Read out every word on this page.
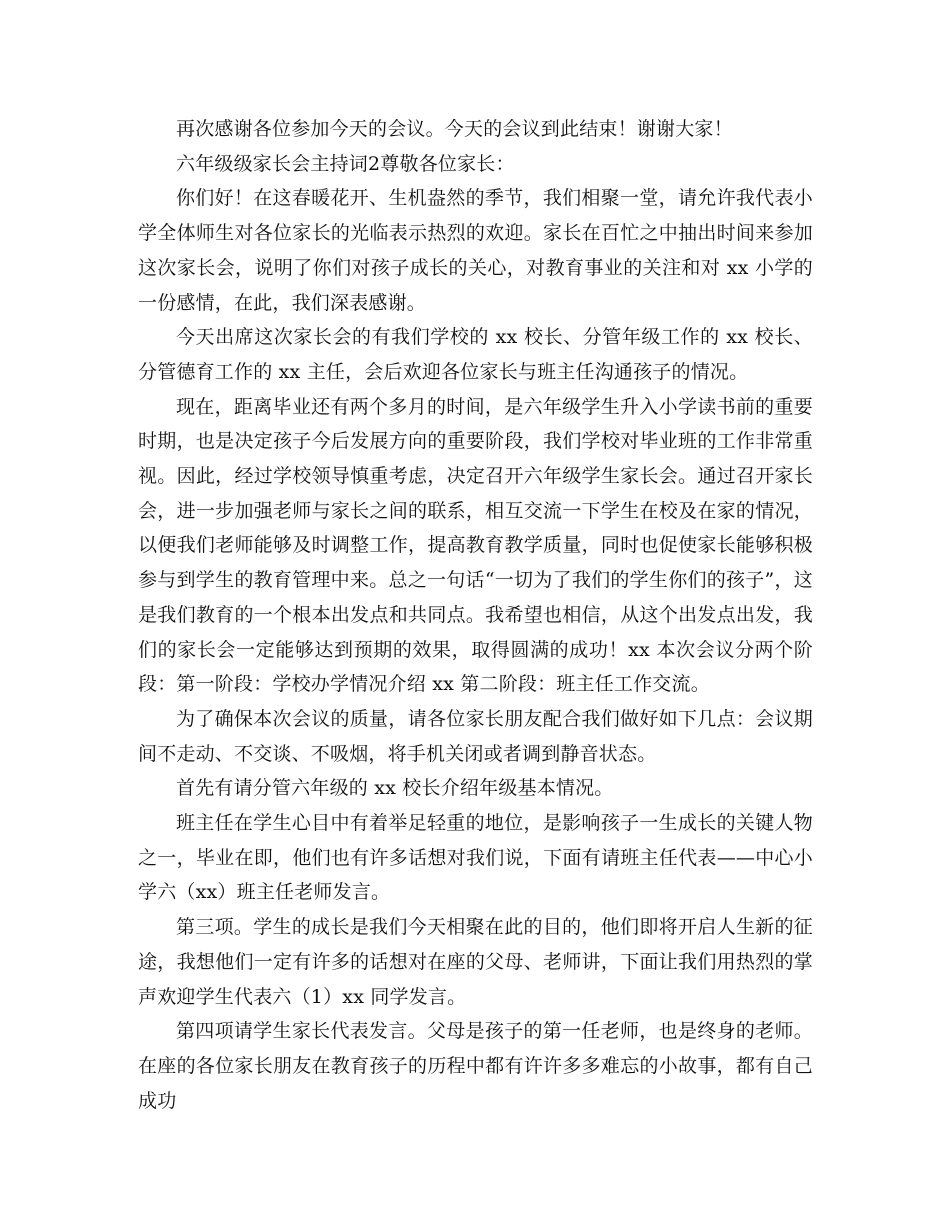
再次感谢各位参加今天的会议。今天的会议到此结束！谢谢大家！

六年级级家长会主持词2尊敬各位家长：

你们好！在这春暖花开、生机盎然的季节，我们相聚一堂，请允许我代表小学全体师生对各位家长的光临表示热烈的欢迎。家长在百忙之中抽出时间来参加这次家长会，说明了你们对孩子成长的关心，对教育事业的关注和对 xx 小学的一份感情，在此，我们深表感谢。

今天出席这次家长会的有我们学校的 xx 校长、分管年级工作的 xx 校长、分管德育工作的 xx 主任，会后欢迎各位家长与班主任沟通孩子的情况。

现在，距离毕业还有两个多月的时间，是六年级学生升入小学读书前的重要时期，也是决定孩子今后发展方向的重要阶段，我们学校对毕业班的工作非常重视。因此，经过学校领导慎重考虑，决定召开六年级学生家长会。通过召开家长会，进一步加强老师与家长之间的联系，相互交流一下学生在校及在家的情况，以便我们老师能够及时调整工作，提高教育教学质量，同时也促使家长能够积极参与到学生的教育管理中来。总之一句话“一切为了我们的学生你们的孩子”，这是我们教育的一个根本出发点和共同点。我希望也相信，从这个出发点出发，我们的家长会一定能够达到预期的效果，取得圆满的成功！xx 本次会议分两个阶段：第一阶段：学校办学情况介绍 xx 第二阶段：班主任工作交流。

为了确保本次会议的质量，请各位家长朋友配合我们做好如下几点：会议期间不走动、不交谈、不吸烟，将手机关闭或者调到静音状态。

首先有请分管六年级的 xx 校长介绍年级基本情况。

班主任在学生心目中有着举足轻重的地位，是影响孩子一生成长的关键人物之一，毕业在即，他们也有许多话想对我们说，下面有请班主任代表——中心小学六（xx）班主任老师发言。

第三项。学生的成长是我们今天相聚在此的目的，他们即将开启人生新的征途，我想他们一定有许多的话想对在座的父母、老师讲，下面让我们用热烈的掌声欢迎学生代表六（1）xx 同学发言。

第四项请学生家长代表发言。父母是孩子的第一任老师，也是终身的老师。在座的各位家长朋友在教育孩子的历程中都有许许多多难忘的小故事，都有自己成功
